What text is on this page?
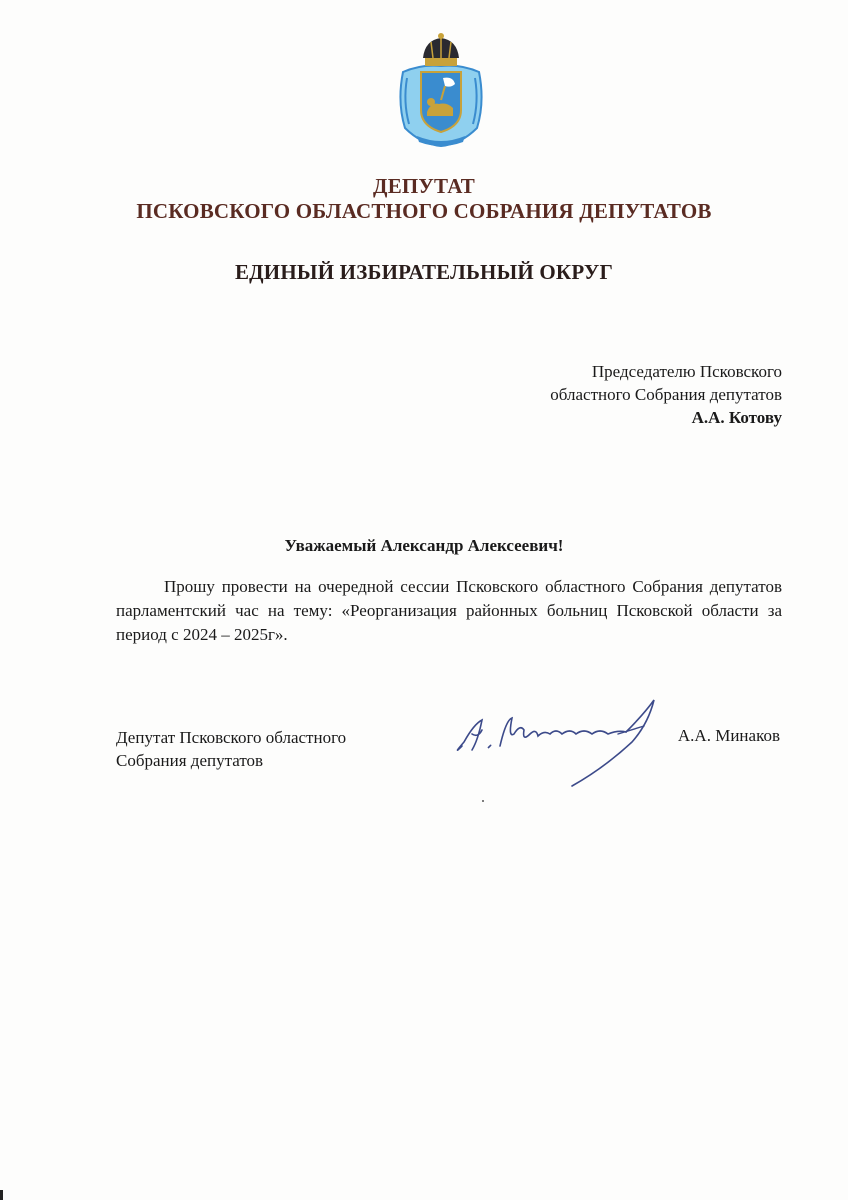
ДЕПУТАТ
ПСКОВСКОГО ОБЛАСТНОГО СОБРАНИЯ ДЕПУТАТОВ
ЕДИНЫЙ ИЗБИРАТЕЛЬНЫЙ ОКРУГ
Председателю Псковского
областного Собрания депутатов
А.А. Котову
Уважаемый Александр Алексеевич!
Прошу провести на очередной сессии Псковского областного Собрания депутатов парламентский час на тему: «Реорганизация районных больниц Псковской области за период с 2024 – 2025г».
Депутат Псковского областного
Собрания депутатов
А.А. Минаков
